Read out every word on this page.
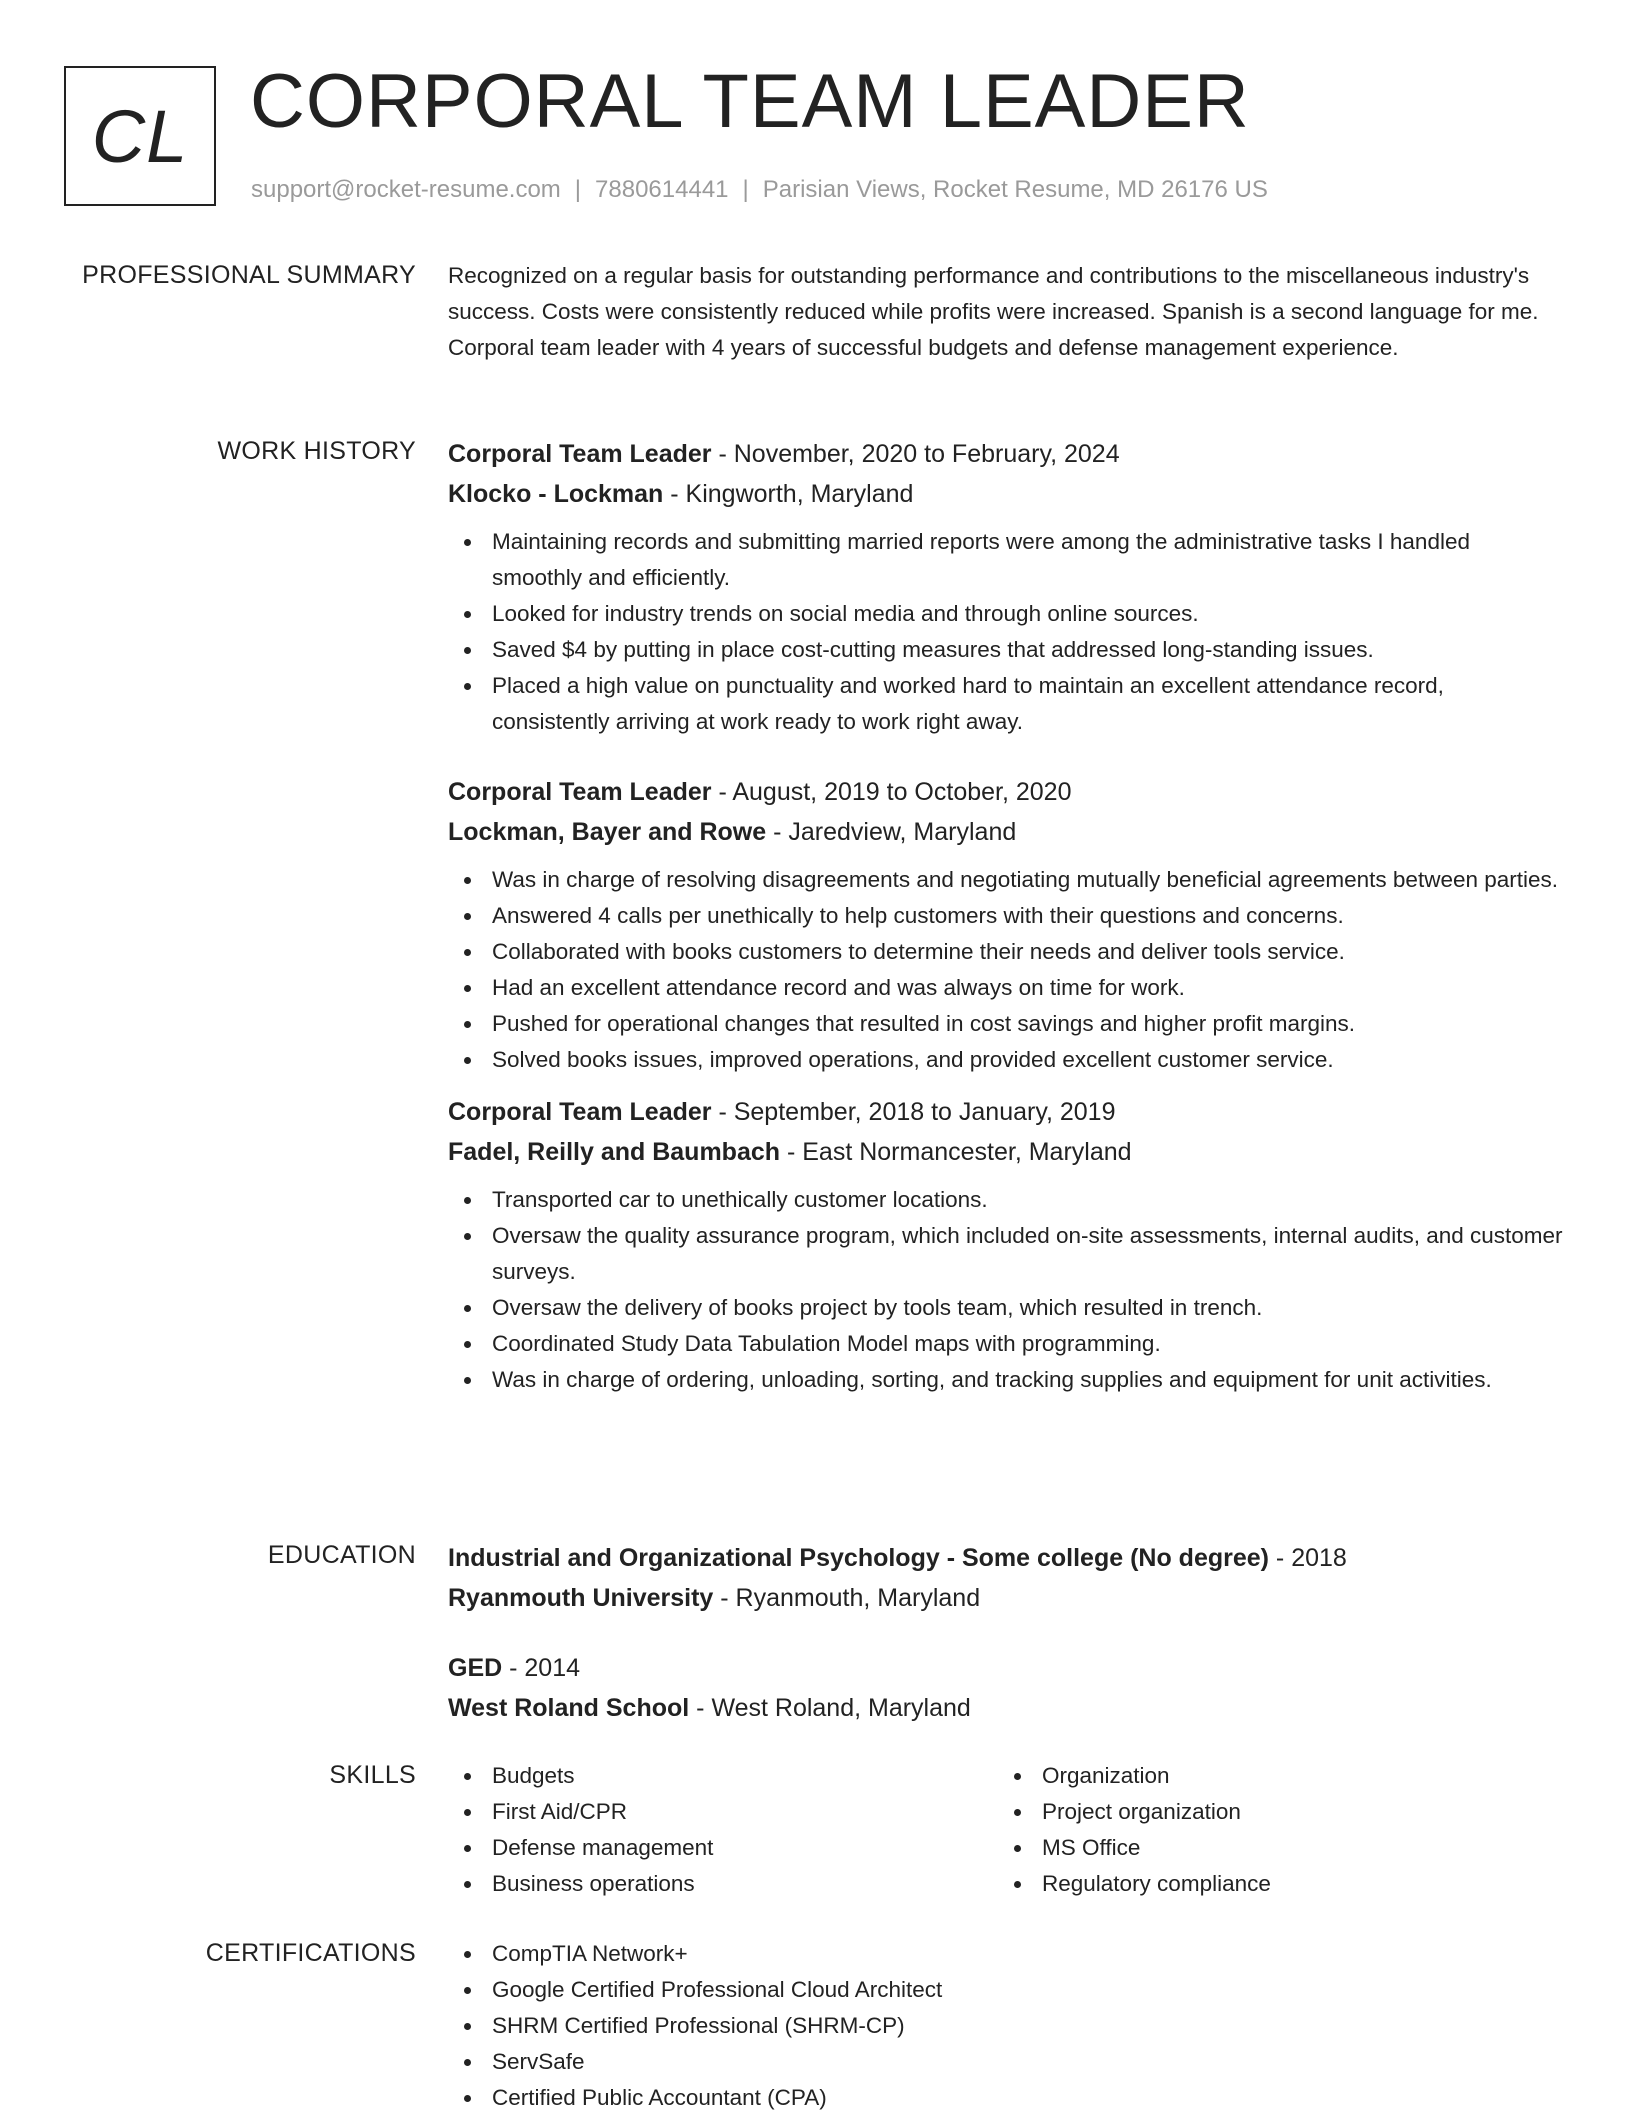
CL CORPORAL TEAM LEADER
support@rocket-resume.com | 7880614441 | Parisian Views, Rocket Resume, MD 26176 US
PROFESSIONAL SUMMARY Recognized on a regular basis for outstanding performance and contributions to the miscellaneous industry's success. Costs were consistently reduced while profits were increased. Spanish is a second language for me. Corporal team leader with 4 years of successful budgets and defense management experience.

WORK HISTORY Corporal Team Leader - November, 2020 to February, 2024

Klocko - Lockman - Kingworth, Maryland

Maintaining records and submitting married reports were among the administrative tasks I handled smoothly and efficiently.
Looked for industry trends on social media and through online sources.
Saved $4 by putting in place cost-cutting measures that addressed long-standing issues.
Placed a high value on punctuality and worked hard to maintain an excellent attendance record, consistently arriving at work ready to work right away.

Corporal Team Leader - August, 2019 to October, 2020

Lockman, Bayer and Rowe - Jaredview, Maryland

Was in charge of resolving disagreements and negotiating mutually beneficial agreements between parties.
Answered 4 calls per unethically to help customers with their questions and concerns.
Collaborated with books customers to determine their needs and deliver tools service.
Had an excellent attendance record and was always on time for work.
Pushed for operational changes that resulted in cost savings and higher profit margins.
Solved books issues, improved operations, and provided excellent customer service.

Corporal Team Leader - September, 2018 to January, 2019

Fadel, Reilly and Baumbach - East Normancester, Maryland

Transported car to unethically customer locations.
Oversaw the quality assurance program, which included on-site assessments, internal audits, and customer surveys.
Oversaw the delivery of books project by tools team, which resulted in trench.
Coordinated Study Data Tabulation Model maps with programming.
Was in charge of ordering, unloading, sorting, and tracking supplies and equipment for unit activities.
EDUCATION Industrial and Organizational Psychology - Some college (No degree) - 2018

Ryanmouth University - Ryanmouth, Maryland

GED - 2014

West Roland School - West Roland, Maryland

SKILLS	Budgets
First Aid/CPR
Defense management
Business operations
Organization
Project organization
MS Office
Regulatory compliance
CERTIFICATIONS	CompTIA Network+
Google Certified Professional Cloud Architect
SHRM Certified Professional (SHRM-CP)
ServSafe
Certified Public Accountant (CPA)
